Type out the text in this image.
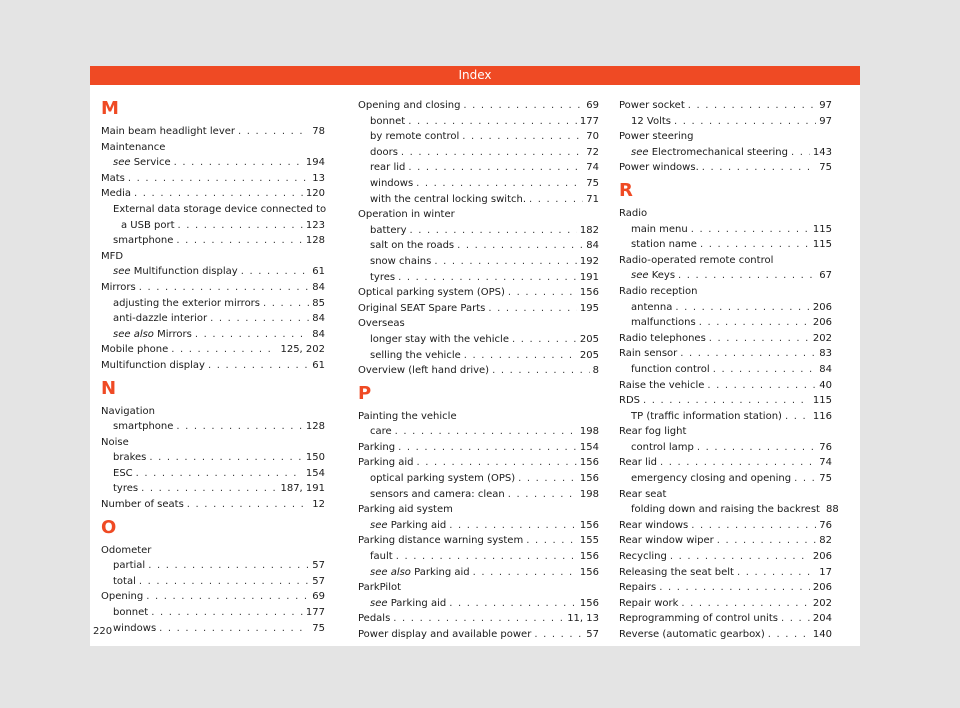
Index
M
Main beam headlight lever . . .	78
Maintenance
see Service . . .	194
Mats . . .	13
Media . . .	120
External data storage device connected to
a USB port . . .	123
smartphone . . .	128
MFD
see Multifunction display . . .	61
Mirrors . . .	84
adjusting the exterior mirrors . . .	85
anti-dazzle interior . . .	84
see also Mirrors . . .	84
Mobile phone . . .	125, 202
Multifunction display . . .	61
N
Navigation
smartphone . . .	128
Noise
brakes . . .	150
ESC . . .	154
tyres . . .	187, 191
Number of seats . . .	12
O
Odometer
partial . . .	57
total . . .	57
Opening . . .	69
bonnet . . .	177
windows . . .	75
Opening and closing . . .	69
bonnet . . .	177
by remote control . . .	70
doors . . .	72
rear lid . . .	74
windows . . .	75
with the central locking switch. . . .	71
Operation in winter
battery . . .	182
salt on the roads . . .	84
snow chains . . .	192
tyres . . .	191
Optical parking system (OPS) . . .	156
Original SEAT Spare Parts . . .	195
Overseas
longer stay with the vehicle . . .	205
selling the vehicle . . .	205
Overview (left hand drive) . . .	8
P
Painting the vehicle
care . . .	198
Parking . . .	154
Parking aid . . .	156
optical parking system (OPS) . . .	156
sensors and camera: clean . . .	198
Parking aid system
see Parking aid . . .	156
Parking distance warning system . . .	155
fault . . .	156
see also Parking aid . . .	156
ParkPilot
see Parking aid . . .	156
Pedals . . .	11, 13
Power display and available power . . .	57
Power socket . . .	97
12 Volts . . .	97
Power steering
see Electromechanical steering . . . 143
Power windows. . . .	75
R
Radio
main menu . . .	115
station name . . .	115
Radio-operated remote control
see Keys . . .	67
Radio reception
antenna . . .	206
malfunctions . . .	206
Radio telephones . . .	202
Rain sensor . . .	83
function control . . .	84
Raise the vehicle . . .	40
RDS . . .	115
TP (traffic information station) . . .	116
Rear fog light
control lamp . . .	76
Rear lid . . .	74
emergency closing and opening . . .	75
Rear seat
folding down and raising the backrest 88
Rear windows . . .	76
Rear window wiper . . .	82
Recycling . . .	206
Releasing the seat belt . . .	17
Repairs . . .	206
Repair work . . .	202
Reprogramming of control units . . .	204
Reverse (automatic gearbox) . . .	140
220
